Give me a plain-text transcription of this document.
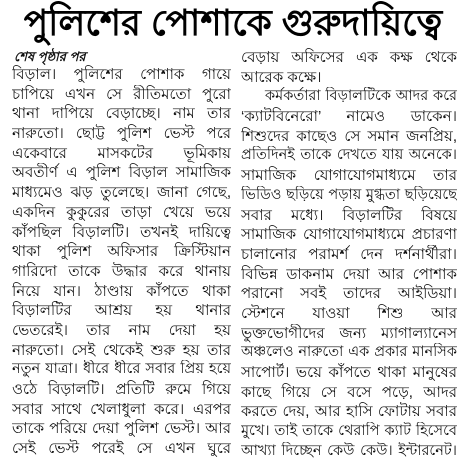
পুলিশের পোশাকে গুরুদায়িত্বে
শেষ পৃষ্ঠার পর
বিড়াল। পুলিশের পোশাক গায়ে
চাপিয়ে এখন সে রীতিমতো পুরো
থানা দাপিয়ে বেড়াচ্ছে। নাম তার
নারুতো। ছোট্ট পুলিশ ভেস্ট পরে
একেবারে মাসকটের ভূমিকায়
অবতীর্ণ এ পুলিশ বিড়াল সামাজিক
মাধ্যমেও ঝড় তুলেছে। জানা গেছে,
একদিন কুকুরের তাড়া খেয়ে ভয়ে
কাঁপছিল বিড়ালটি। তখনই দায়িত্বে
থাকা পুলিশ অফিসার ক্রিস্টিয়ান
গারিদো তাকে উদ্ধার করে থানায়
নিয়ে যান। ঠাণ্ডায় কাঁপতে থাকা
বিড়ালটির আশ্রয় হয় থানার
ভেতরেই। তার নাম দেয়া হয়
নারুতো। সেই থেকেই শুরু হয় তার
নতুন যাত্রা। ধীরে ধীরে সবার প্রিয় হয়ে
ওঠে বিড়ালটি। প্রতিটি রুমে গিয়ে
সবার সাথে খেলাধুলা করে। এরপর
তাকে পরিয়ে দেয়া পুলিশ ভেস্ট। আর
সেই ভেস্ট পরেই সে এখন ঘুরে
বেড়ায় অফিসের এক কক্ষ থেকে
আরেক কক্ষে।
কর্মকর্তারা বিড়ালটিকে আদর করে
‘ক্যাটবিনেরো’ নামেও ডাকেন।
শিশুদের কাছেও সে সমান জনপ্রিয়,
প্রতিদিনই তাকে দেখতে যায় অনেকে।
সামাজিক যোগাযোগমাধ্যমে তার
ভিডিও ছড়িয়ে পড়ায় মুগ্ধতা ছড়িয়েছে
সবার মধ্যে। বিড়ালটির বিষয়ে
সামাজিক যোগাযোগমাধ্যমে প্রচারণা
চালানোর পরামর্শ দেন দর্শনার্থীরা।
বিভিন্ন ডাকনাম দেয়া আর পোশাক
পরানো সবই তাদের আইডিয়া।
স্টেশনে যাওয়া শিশু আর
ভুক্তভোগীদের জন্য ম্যাগাল্যানেস
অঞ্চলেও নারুতো এক প্রকার মানসিক
সাপোর্ট। ভয়ে কাঁপতে থাকা মানুষের
কাছে গিয়ে সে বসে পড়ে, আদর
করতে দেয়, আর হাসি ফোটায় সবার
মুখে। তাই তাকে থেরাপি ক্যাট হিসেবে
আখ্যা দিচ্ছেন কেউ কেউ। ইন্টারনেট।
